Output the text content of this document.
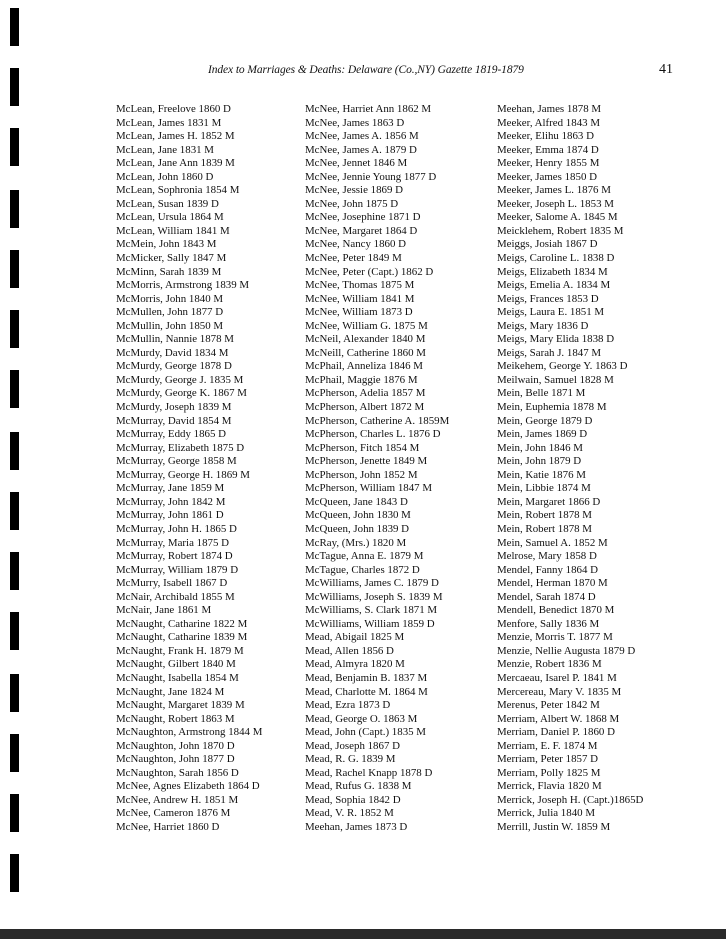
Index to Marriages & Deaths: Delaware (Co.,NY) Gazette 1819-1879	41
McLean, Freelove 1860 D
McLean, James 1831 M
McLean, James H. 1852 M
McLean, Jane 1831 M
McLean, Jane Ann 1839 M
McLean, John 1860 D
McLean, Sophronia 1854 M
McLean, Susan 1839 D
McLean, Ursula 1864 M
McLean, William 1841 M
McMein, John 1843 M
McMicker, Sally 1847 M
McMinn, Sarah 1839 M
McMorris, Armstrong 1839 M
McMorris, John 1840 M
McMullen, John 1877 D
McMullin, John 1850 M
McMullin, Nannie 1878 M
McMurdy, David 1834 M
McMurdy, George 1878 D
McMurdy, George J. 1835 M
McMurdy, George K. 1867 M
McMurdy, Joseph 1839 M
McMurray, David 1854 M
McMurray, Eddy 1865 D
McMurray, Elizabeth 1875 D
McMurray, George 1858 M
McMurray, George H. 1869 M
McMurray, Jane 1859 M
McMurray, John 1842 M
McMurray, John 1861 D
McMurray, John H. 1865 D
McMurray, Maria 1875 D
McMurray, Robert 1874 D
McMurray, William 1879 D
McMurry, Isabell 1867 D
McNair, Archibald 1855 M
McNair, Jane 1861 M
McNaught, Catharine 1822 M
McNaught, Catharine 1839 M
McNaught, Frank H. 1879 M
McNaught, Gilbert 1840 M
McNaught, Isabella 1854 M
McNaught, Jane 1824 M
McNaught, Margaret 1839 M
McNaught, Robert 1863 M
McNaughton, Armstrong 1844 M
McNaughton, John 1870 D
McNaughton, John 1877 D
McNaughton, Sarah 1856 D
McNee, Agnes Elizabeth 1864 D
McNee, Andrew H. 1851 M
McNee, Cameron 1876 M
McNee, Harriet 1860 D
McNee, Harriet Ann 1862 M
McNee, James 1863 D
McNee, James A. 1856 M
McNee, James A. 1879 D
McNee, Jennet 1846 M
McNee, Jennie Young 1877 D
McNee, Jessie 1869 D
McNee, John 1875 D
McNee, Josephine 1871 D
McNee, Margaret 1864 D
McNee, Nancy 1860 D
McNee, Peter 1849 M
McNee, Peter (Capt.) 1862 D
McNee, Thomas 1875 M
McNee, William 1841 M
McNee, William 1873 D
McNee, William G. 1875 M
McNeil, Alexander 1840 M
McNeill, Catherine 1860 M
McPhail, Anneliza 1846 M
McPhail, Maggie 1876 M
McPherson, Adelia 1857 M
McPherson, Albert 1872 M
McPherson, Catherine A. 1859M
McPherson, Charles L. 1876 D
McPherson, Fitch 1854 M
McPherson, Jenette 1849 M
McPherson, John 1852 M
McPherson, William 1847 M
McQueen, Jane 1843 D
McQueen, John 1830 M
McQueen, John 1839 D
McRay, (Mrs.) 1820 M
McTague, Anna E. 1879 M
McTague, Charles 1872 D
McWilliams, James C. 1879 D
McWilliams, Joseph S. 1839 M
McWilliams, S. Clark 1871 M
McWilliams, William 1859 D
Mead, Abigail 1825 M
Mead, Allen 1856 D
Mead, Almyra 1820 M
Mead, Benjamin B. 1837 M
Mead, Charlotte M. 1864 M
Mead, Ezra 1873 D
Mead, George O. 1863 M
Mead, John (Capt.) 1835 M
Mead, Joseph 1867 D
Mead, R. G. 1839 M
Mead, Rachel Knapp 1878 D
Mead, Rufus G. 1838 M
Mead, Sophia 1842 D
Mead, V. R. 1852 M
Meehan, James 1873 D
Meehan, James 1878 M
Meeker, Alfred 1843 M
Meeker, Elihu 1863 D
Meeker, Emma 1874 D
Meeker, Henry 1855 M
Meeker, James 1850 D
Meeker, James L. 1876 M
Meeker, Joseph L. 1853 M
Meeker, Salome A. 1845 M
Meicklehem, Robert 1835 M
Meiggs, Josiah 1867 D
Meigs, Caroline L. 1838 D
Meigs, Elizabeth 1834 M
Meigs, Emelia A. 1834 M
Meigs, Frances 1853 D
Meigs, Laura E. 1851 M
Meigs, Mary 1836 D
Meigs, Mary Elida 1838 D
Meigs, Sarah J. 1847 M
Meikehem, George Y. 1863 D
Meilwain, Samuel 1828 M
Mein, Belle 1871 M
Mein, Euphemia 1878 M
Mein, George 1879 D
Mein, James 1869 D
Mein, John 1846 M
Mein, John 1879 D
Mein, Katie 1876 M
Mein, Libbie 1874 M
Mein, Margaret 1866 D
Mein, Robert 1878 M
Mein, Robert 1878 M
Mein, Samuel A. 1852 M
Melrose, Mary 1858 D
Mendel, Fanny 1864 D
Mendel, Herman 1870 M
Mendel, Sarah 1874 D
Mendell, Benedict 1870 M
Menfore, Sally 1836 M
Menzie, Morris T. 1877 M
Menzie, Nellie Augusta 1879 D
Menzie, Robert 1836 M
Mercaeau, Isarel P. 1841 M
Mercereau, Mary V. 1835 M
Merenus, Peter 1842 M
Merriam, Albert W. 1868 M
Merriam, Daniel P. 1860 D
Merriam, E. F. 1874 M
Merriam, Peter 1857 D
Merriam, Polly 1825 M
Merrick, Flavia 1820 M
Merrick, Joseph H. (Capt.)1865D
Merrick, Julia 1840 M
Merrill, Justin W. 1859 M
